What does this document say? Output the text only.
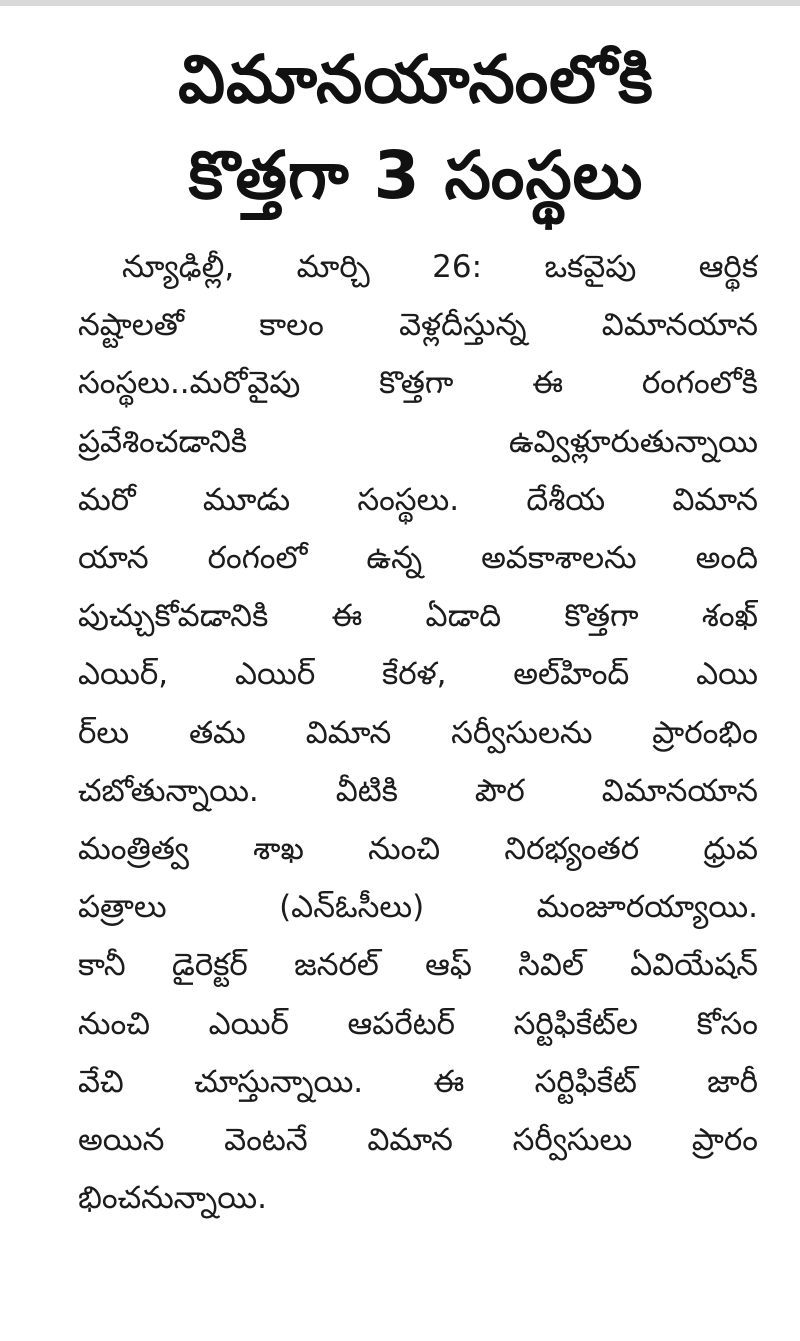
విమానయానంలోకి
కొత్తగా 3 సంస్థలు
న్యూఢిల్లీ, మార్చి 26: ఒకవైపు ఆర్థిక
నష్టాలతో కాలం వెళ్లదీస్తున్న విమానయాన
సంస్థలు..మరోవైపు కొత్తగా ఈ రంగంలోకి
ప్రవేశించడానికి ఉవ్విళ్లూరుతున్నాయి
మరో మూడు సంస్థలు. దేశీయ విమాన
యాన రంగంలో ఉన్న అవకాశాలను అంది
పుచ్చుకోవడానికి ఈ ఏడాది కొత్తగా శంఖ్
ఎయిర్, ఎయిర్ కేరళ, అల్‌హింద్ ఎయి
ర్‌లు తమ విమాన సర్వీసులను ప్రారంభిం
చబోతున్నాయి. వీటికి పౌర విమానయాన
మంత్రిత్వ శాఖ నుంచి నిరభ్యంతర ధ్రువ
పత్రాలు (ఎన్‌ఓసీలు) మంజూరయ్యాయి.
కానీ డైరెక్టర్ జనరల్ ఆఫ్ సివిల్ ఏవియేషన్
నుంచి ఎయిర్ ఆపరేటర్ సర్టిఫికేట్‌ల కోసం
వేచి చూస్తున్నాయి. ఈ సర్టిఫికేట్ జారీ
అయిన వెంటనే విమాన సర్వీసులు ప్రారం
భించనున్నాయి.
